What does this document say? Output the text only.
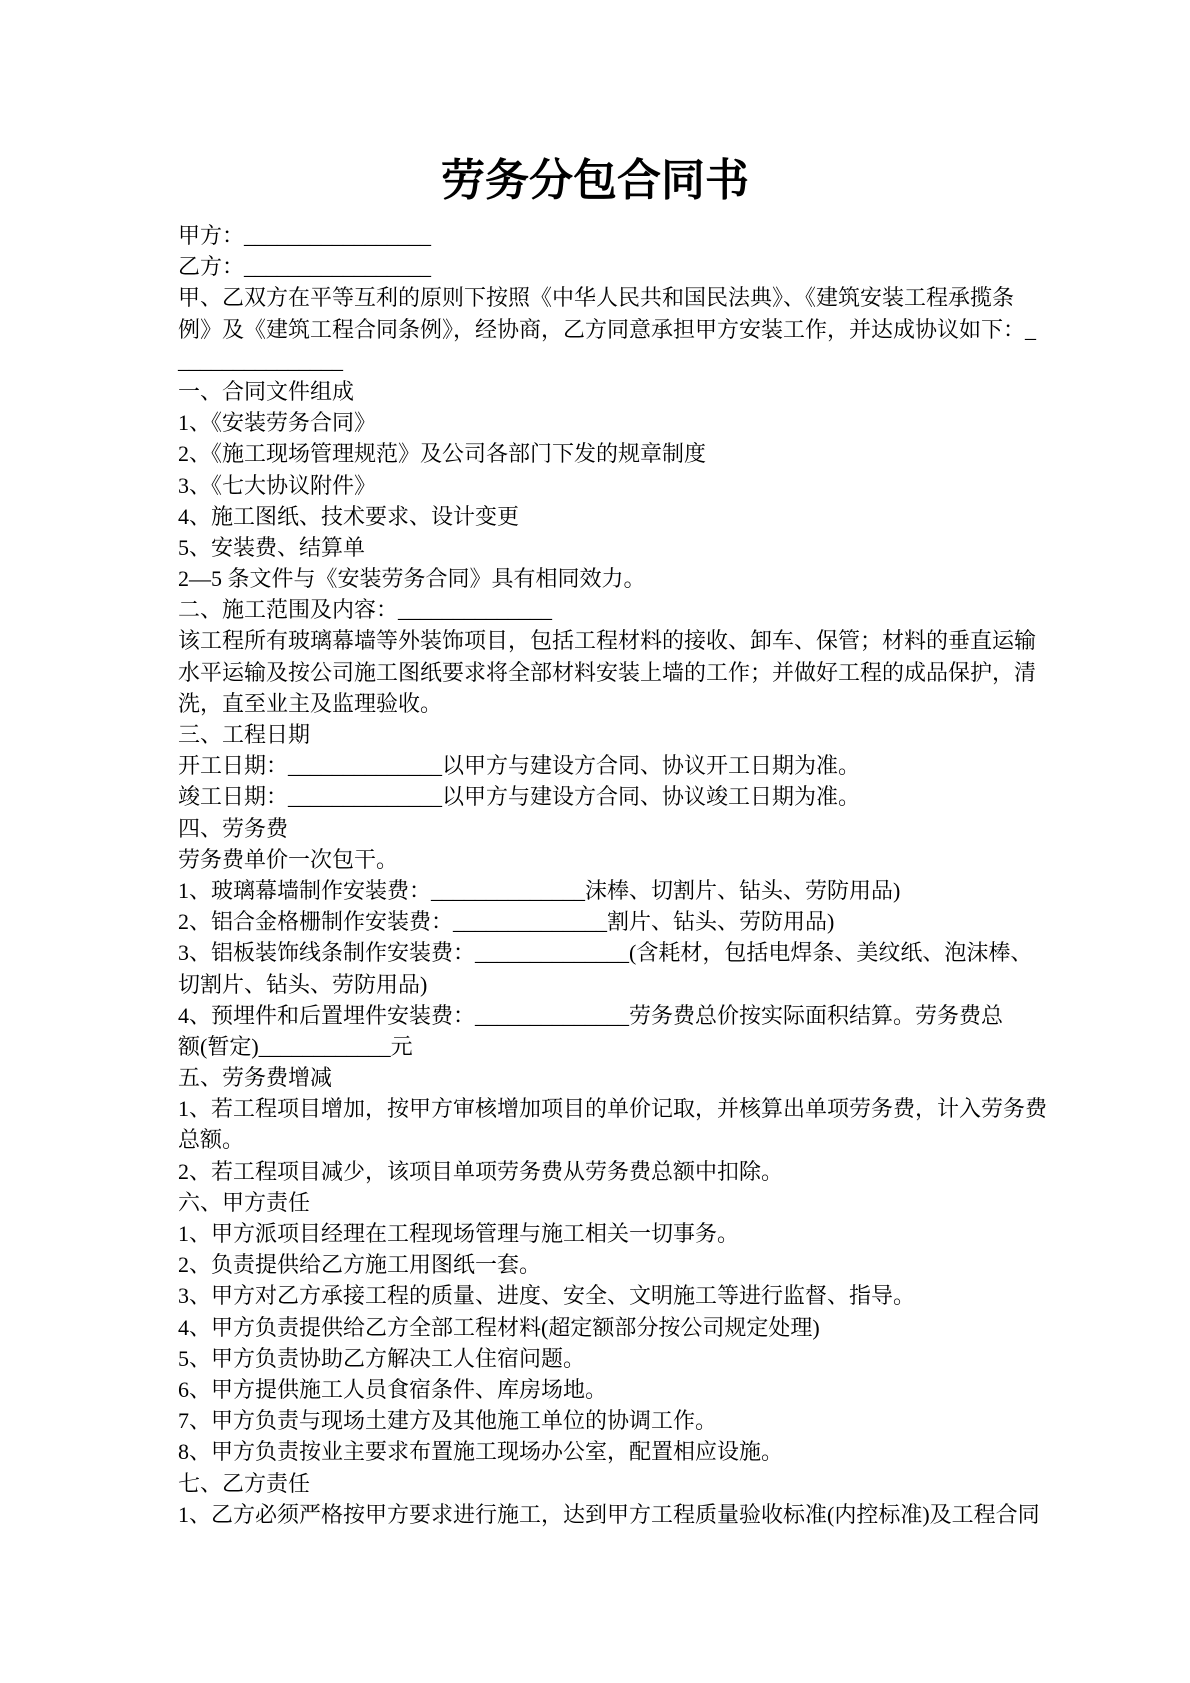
劳务分包合同书
甲方：_________________
乙方：_________________
甲、乙双方在平等互利的原则下按照《中华人民共和国民法典》、《建筑安装工程承揽条
例》及《建筑工程合同条例》，经协商，乙方同意承担甲方安装工作，并达成协议如下：_
_______________
一、合同文件组成
1、《安装劳务合同》
2、《施工现场管理规范》及公司各部门下发的规章制度
3、《七大协议附件》
4、施工图纸、技术要求、设计变更
5、安装费、结算单
2—5 条文件与《安装劳务合同》具有相同效力。
二、施工范围及内容：______________
该工程所有玻璃幕墙等外装饰项目，包括工程材料的接收、卸车、保管；材料的垂直运输
水平运输及按公司施工图纸要求将全部材料安装上墙的工作；并做好工程的成品保护，清
洗，直至业主及监理验收。
三、工程日期
开工日期：______________以甲方与建设方合同、协议开工日期为准。
竣工日期：______________以甲方与建设方合同、协议竣工日期为准。
四、劳务费
劳务费单价一次包干。
1、玻璃幕墙制作安装费：______________沫棒、切割片、钻头、劳防用品)
2、铝合金格栅制作安装费：______________割片、钻头、劳防用品)
3、铝板装饰线条制作安装费：______________(含耗材，包括电焊条、美纹纸、泡沫棒、
切割片、钻头、劳防用品)
4、预埋件和后置埋件安装费：______________劳务费总价按实际面积结算。劳务费总
额(暂定)____________元
五、劳务费增减
1、若工程项目增加，按甲方审核增加项目的单价记取，并核算出单项劳务费，计入劳务费
总额。
2、若工程项目减少，该项目单项劳务费从劳务费总额中扣除。
六、甲方责任
1、甲方派项目经理在工程现场管理与施工相关一切事务。
2、负责提供给乙方施工用图纸一套。
3、甲方对乙方承接工程的质量、进度、安全、文明施工等进行监督、指导。
4、甲方负责提供给乙方全部工程材料(超定额部分按公司规定处理)
5、甲方负责协助乙方解决工人住宿问题。
6、甲方提供施工人员食宿条件、库房场地。
7、甲方负责与现场土建方及其他施工单位的协调工作。
8、甲方负责按业主要求布置施工现场办公室，配置相应设施。
七、乙方责任
1、乙方必须严格按甲方要求进行施工，达到甲方工程质量验收标准(内控标准)及工程合同
